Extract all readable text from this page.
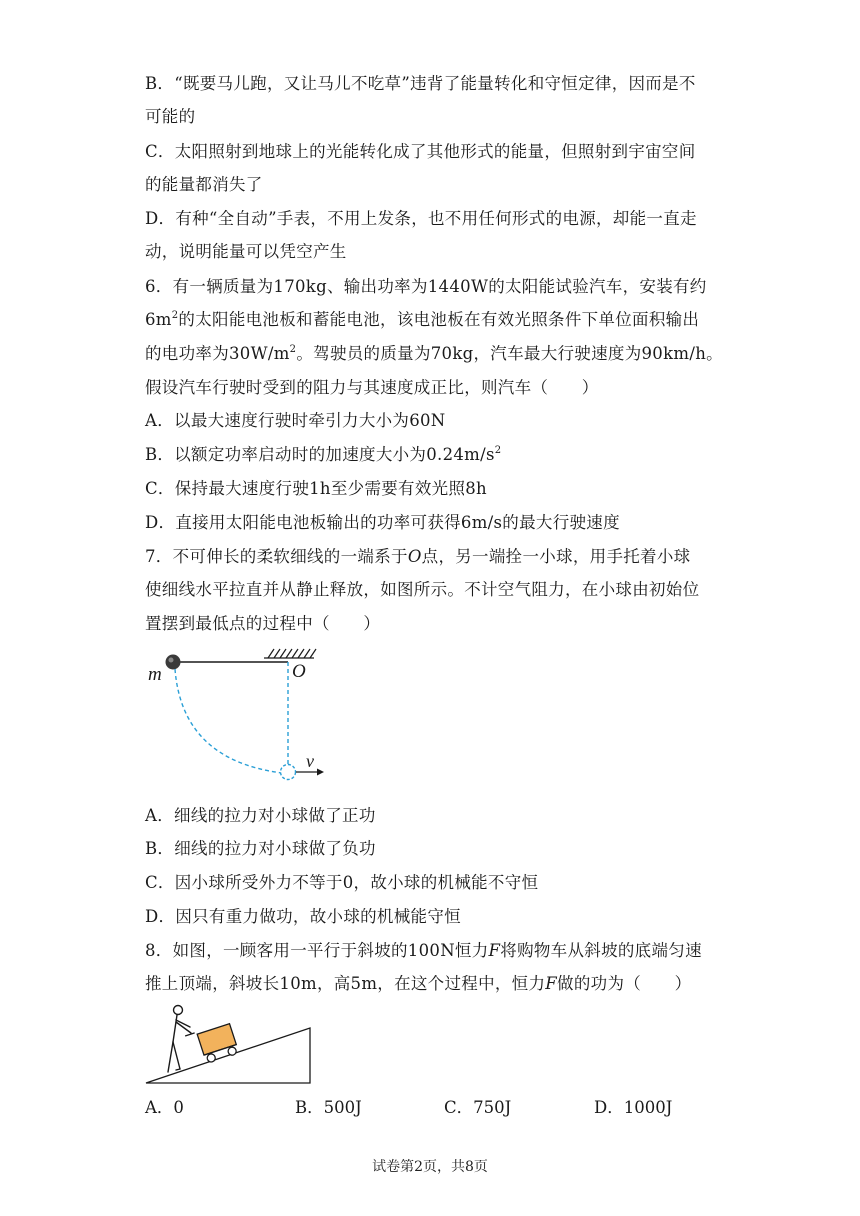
B．“既要马儿跑，又让马儿不吃草”违背了能量转化和守恒定律，因而是不
可能的
C．太阳照射到地球上的光能转化成了其他形式的能量，但照射到宇宙空间
的能量都消失了
D．有种“全自动”手表，不用上发条，也不用任何形式的电源，却能一直走
动，说明能量可以凭空产生
6．有一辆质量为170kg、输出功率为1440W的太阳能试验汽车，安装有约
$6m^2$的太阳能电池板和蓄能电池，该电池板在有效光照条件下单位面积输出
的电功率为$30W/m^2$。驾驶员的质量为70kg，汽车最大行驶速度为90km/h。
假设汽车行驶时受到的阻力与其速度成正比，则汽车（　　）
A．以最大速度行驶时牵引力大小为60N
B．以额定功率启动时的加速度大小为$0.24m/s^2$
C．保持最大速度行驶1h至少需要有效光照8h
D．直接用太阳能电池板输出的功率可获得6m/s的最大行驶速度
7．不可伸长的柔软细线的一端系于O点，另一端拴一小球，用手托着小球
使细线水平拉直并从静止释放，如图所示。不计空气阻力，在小球由初始位
置摆到最低点的过程中（　　）
m	O
v
A．细线的拉力对小球做了正功
B．细线的拉力对小球做了负功
C．因小球所受外力不等于0，故小球的机械能不守恒
D．因只有重力做功，故小球的机械能守恒
8．如图，一顾客用一平行于斜坡的100N恒力F将购物车从斜坡的底端匀速
推上顶端，斜坡长10m，高5m，在这个过程中，恒力F做的功为（　　）
A．0	B．500J	C．750J	D．1000J
试卷第2页，共8页
